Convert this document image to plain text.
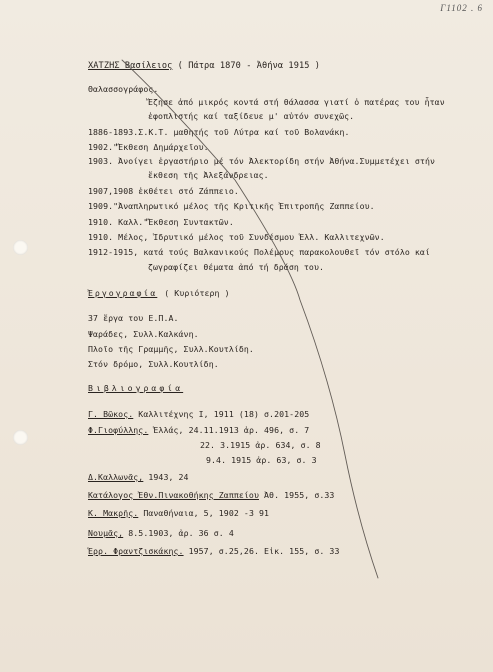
Γ1102 . 6
ΧΑΤΖΗΣ Βασίλειος ( Πάτρα 1870 - Ἀθήνα 1915 )
Θαλασσογράφος.
Ἔζησε ἀπό μικρός κοντά στή θάλασσα γιατί ὁ πατέρας του ἦταν
ἐφοπλιστής καί ταξίδευε μ' αὐτόν συνεχῶς.
1886-1893.Σ.Κ.Τ. μαθητής τοῦ Λύτρα καί τοῦ Βολανάκη.
1902."Ἔκθεση Δημάρχεῖου.
1903. Ἀνοίγει ἐργαστήριο μέ τόν Ἀλεκτορίδη στήν Ἀθήνα.Συμμετέχει στήν
ἔκθεση τῆς Ἀλεξάνδρειας.
1907,1908 ἐκθέτει στό Ζάππειο.
1909."Ἀναπληρωτικό μέλος τῆς Κριτικῆς Ἐπιτροπῆς Ζαππείου.
1910. Καλλ."Ἔκθεση Συντακτῶν.
1910. Μέλος, Ἱδρυτικό μέλος τοῦ Συνδέσμου Ἑλλ. Καλλιτεχνῶν.
1912-1915, κατά τούς Βαλκανικούς Πολέμους παρακολουθεῖ τόν στόλο καί
ζωγραφίζει θέματα ἀπό τή δράση του.
Ἐργογραφία ( Κυριότερη )
37 ἔργα του Ε.Π.Α.
Ψαράδες, Συλλ.Καλκάνη.
Πλοῖο τῆς Γραμμῆς, Συλλ.Κουτλίδη.
Στόν δρόμο, Συλλ.Κουτλίδη.
Βιβλιογραφία
Γ. Βῶκος. Καλλιτέχνης Ι, 1911 (18) σ.201-205
Φ.Γιοφύλλης. Ἑλλάς, 24.11.1913 ἀρ. 496, σ. 7
22. 3.1915 ἀρ. 634, σ. 8
9.4. 1915 ἀρ. 63, σ. 3
Δ.Καλλωνᾶς, 1943, 24
Κατάλογος Ἐθν.Πινακοθήκης Ζαππείου Ἀθ. 1955, σ.33
Κ. Μακρῆς. Παναθήναια, 5, 1902 -3 91
Νουμᾶς, 8.5.1903, ἀρ. 36 σ. 4
Ἑρρ. Φραντζισκάκης. 1957, σ.25,26. Εἰκ. 155, σ. 33
